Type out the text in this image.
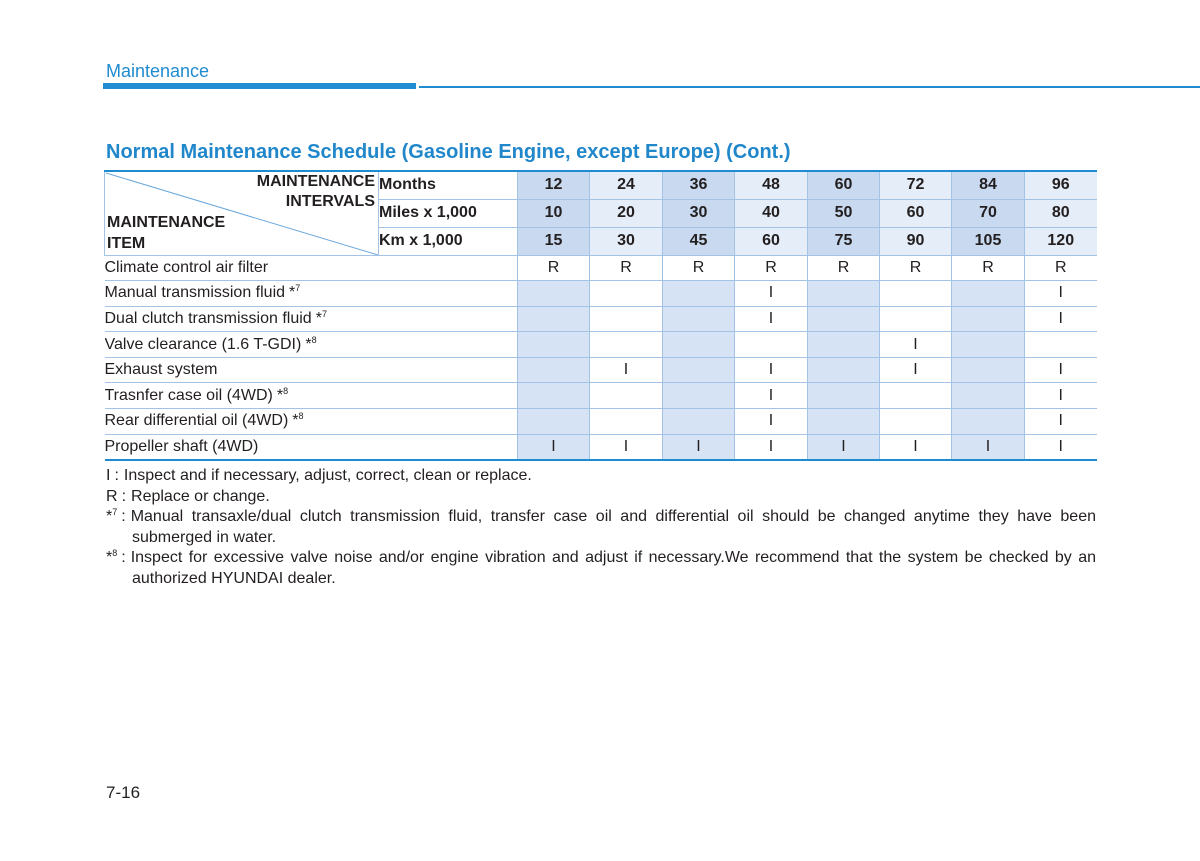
Maintenance
Normal Maintenance Schedule (Gasoline Engine, except Europe) (Cont.)
MAINTENANCE
INTERVALS
MAINTENANCE
ITEM	Months	12	24	36	48	60	72	84	96
	Miles x 1,000	10	20	30	40	50	60	70	80
	Km x 1,000	15	30	45	60	75	90	105	120
Climate control air filter		R	R	R	R	R	R	R	R
Manual transmission fluid *$^7$					I				I
Dual clutch transmission fluid *$^7$					I				I
Valve clearance (1.6 T-GDI) *$^8$							I		
Exhaust system			I		I		I		I
Trasnfer case oil (4WD) *$^8$					I				I
Rear differential oil (4WD) *$^8$					I				I
Propeller shaft (4WD)		I	I	I	I	I	I	I	I
I : Inspect and if necessary, adjust, correct, clean or replace.
R : Replace or change.
*$^7$ : Manual transaxle/dual clutch transmission fluid, transfer case oil and differential oil should be changed anytime they have been submerged in water.
*$^8$ : Inspect for excessive valve noise and/or engine vibration and adjust if necessary.We recommend that the system be checked by an authorized HYUNDAI dealer.
7-16
